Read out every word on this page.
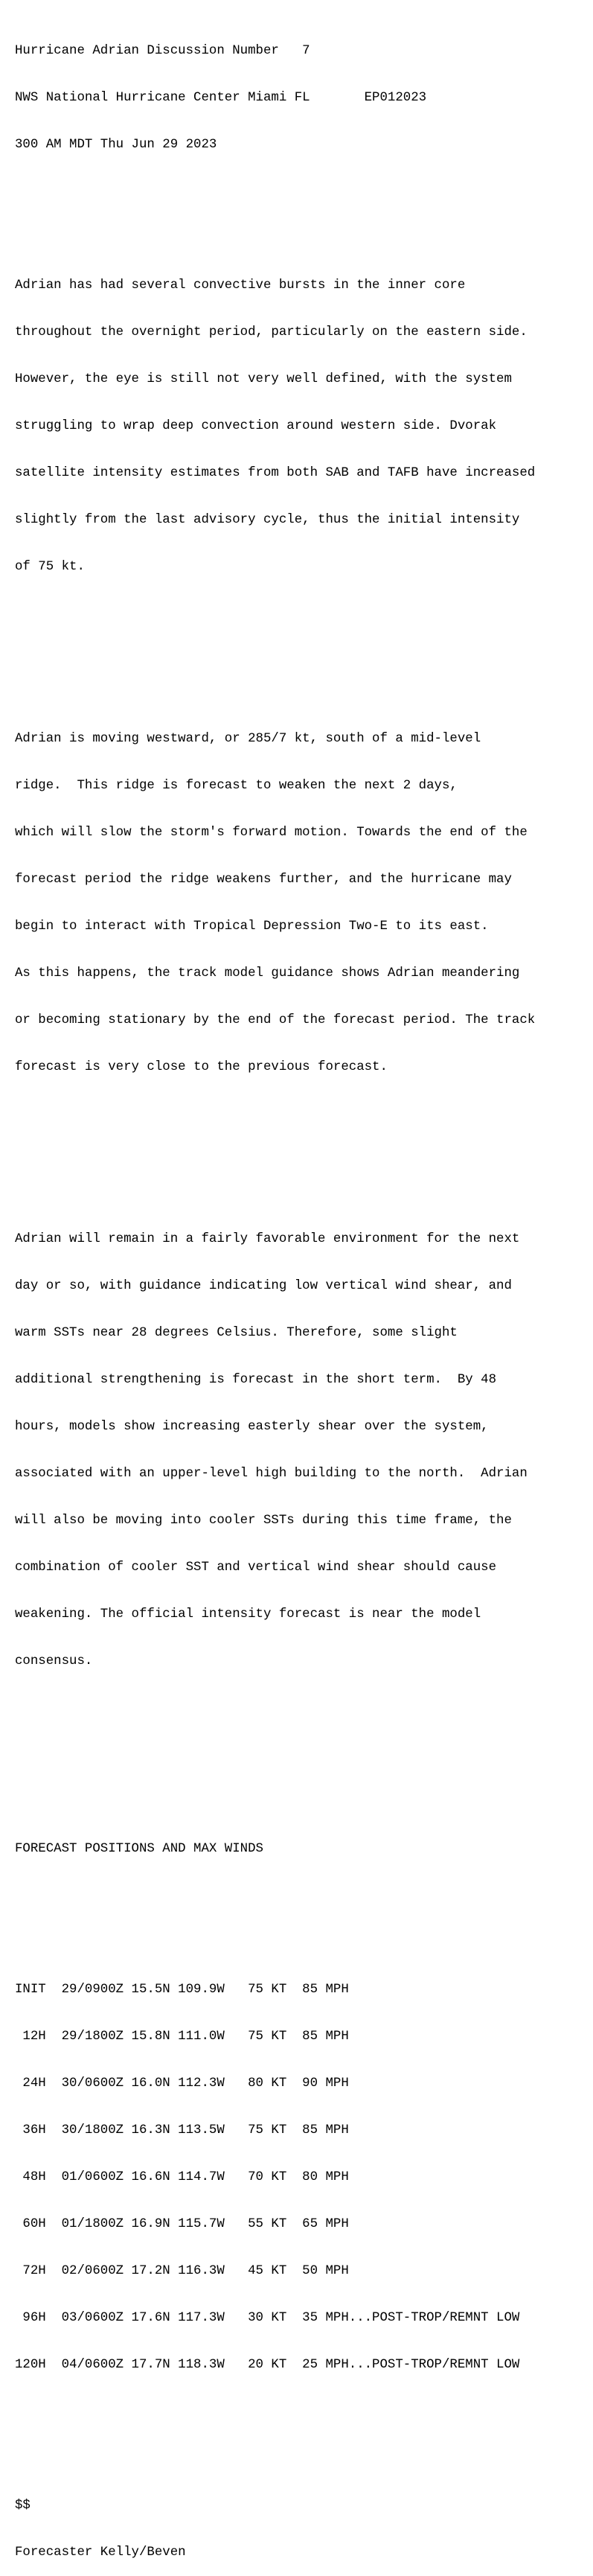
Hurricane Adrian Discussion Number   7

NWS National Hurricane Center Miami FL       EP012023

300 AM MDT Thu Jun 29 2023

Adrian has had several convective bursts in the inner core

throughout the overnight period, particularly on the eastern side.

However, the eye is still not very well defined, with the system

struggling to wrap deep convection around western side. Dvorak

satellite intensity estimates from both SAB and TAFB have increased

slightly from the last advisory cycle, thus the initial intensity

of 75 kt.

Adrian is moving westward, or 285/7 kt, south of a mid-level

ridge.  This ridge is forecast to weaken the next 2 days,

which will slow the storm's forward motion. Towards the end of the

forecast period the ridge weakens further, and the hurricane may

begin to interact with Tropical Depression Two-E to its east.

As this happens, the track model guidance shows Adrian meandering

or becoming stationary by the end of the forecast period. The track

forecast is very close to the previous forecast.

Adrian will remain in a fairly favorable environment for the next

day or so, with guidance indicating low vertical wind shear, and

warm SSTs near 28 degrees Celsius. Therefore, some slight

additional strengthening is forecast in the short term.  By 48

hours, models show increasing easterly shear over the system,

associated with an upper-level high building to the north.  Adrian

will also be moving into cooler SSTs during this time frame, the

combination of cooler SST and vertical wind shear should cause

weakening. The official intensity forecast is near the model

consensus.

FORECAST POSITIONS AND MAX WINDS

INIT  29/0900Z 15.5N 109.9W   75 KT  85 MPH

12H  29/1800Z 15.8N 111.0W   75 KT  85 MPH

24H  30/0600Z 16.0N 112.3W   80 KT  90 MPH

36H  30/1800Z 16.3N 113.5W   75 KT  85 MPH

48H  01/0600Z 16.6N 114.7W   70 KT  80 MPH

60H  01/1800Z 16.9N 115.7W   55 KT  65 MPH

72H  02/0600Z 17.2N 116.3W   45 KT  50 MPH

96H  03/0600Z 17.6N 117.3W   30 KT  35 MPH...POST-TROP/REMNT LOW

120H  04/0600Z 17.7N 118.3W   20 KT  25 MPH...POST-TROP/REMNT LOW

$$

Forecaster Kelly/Beven
